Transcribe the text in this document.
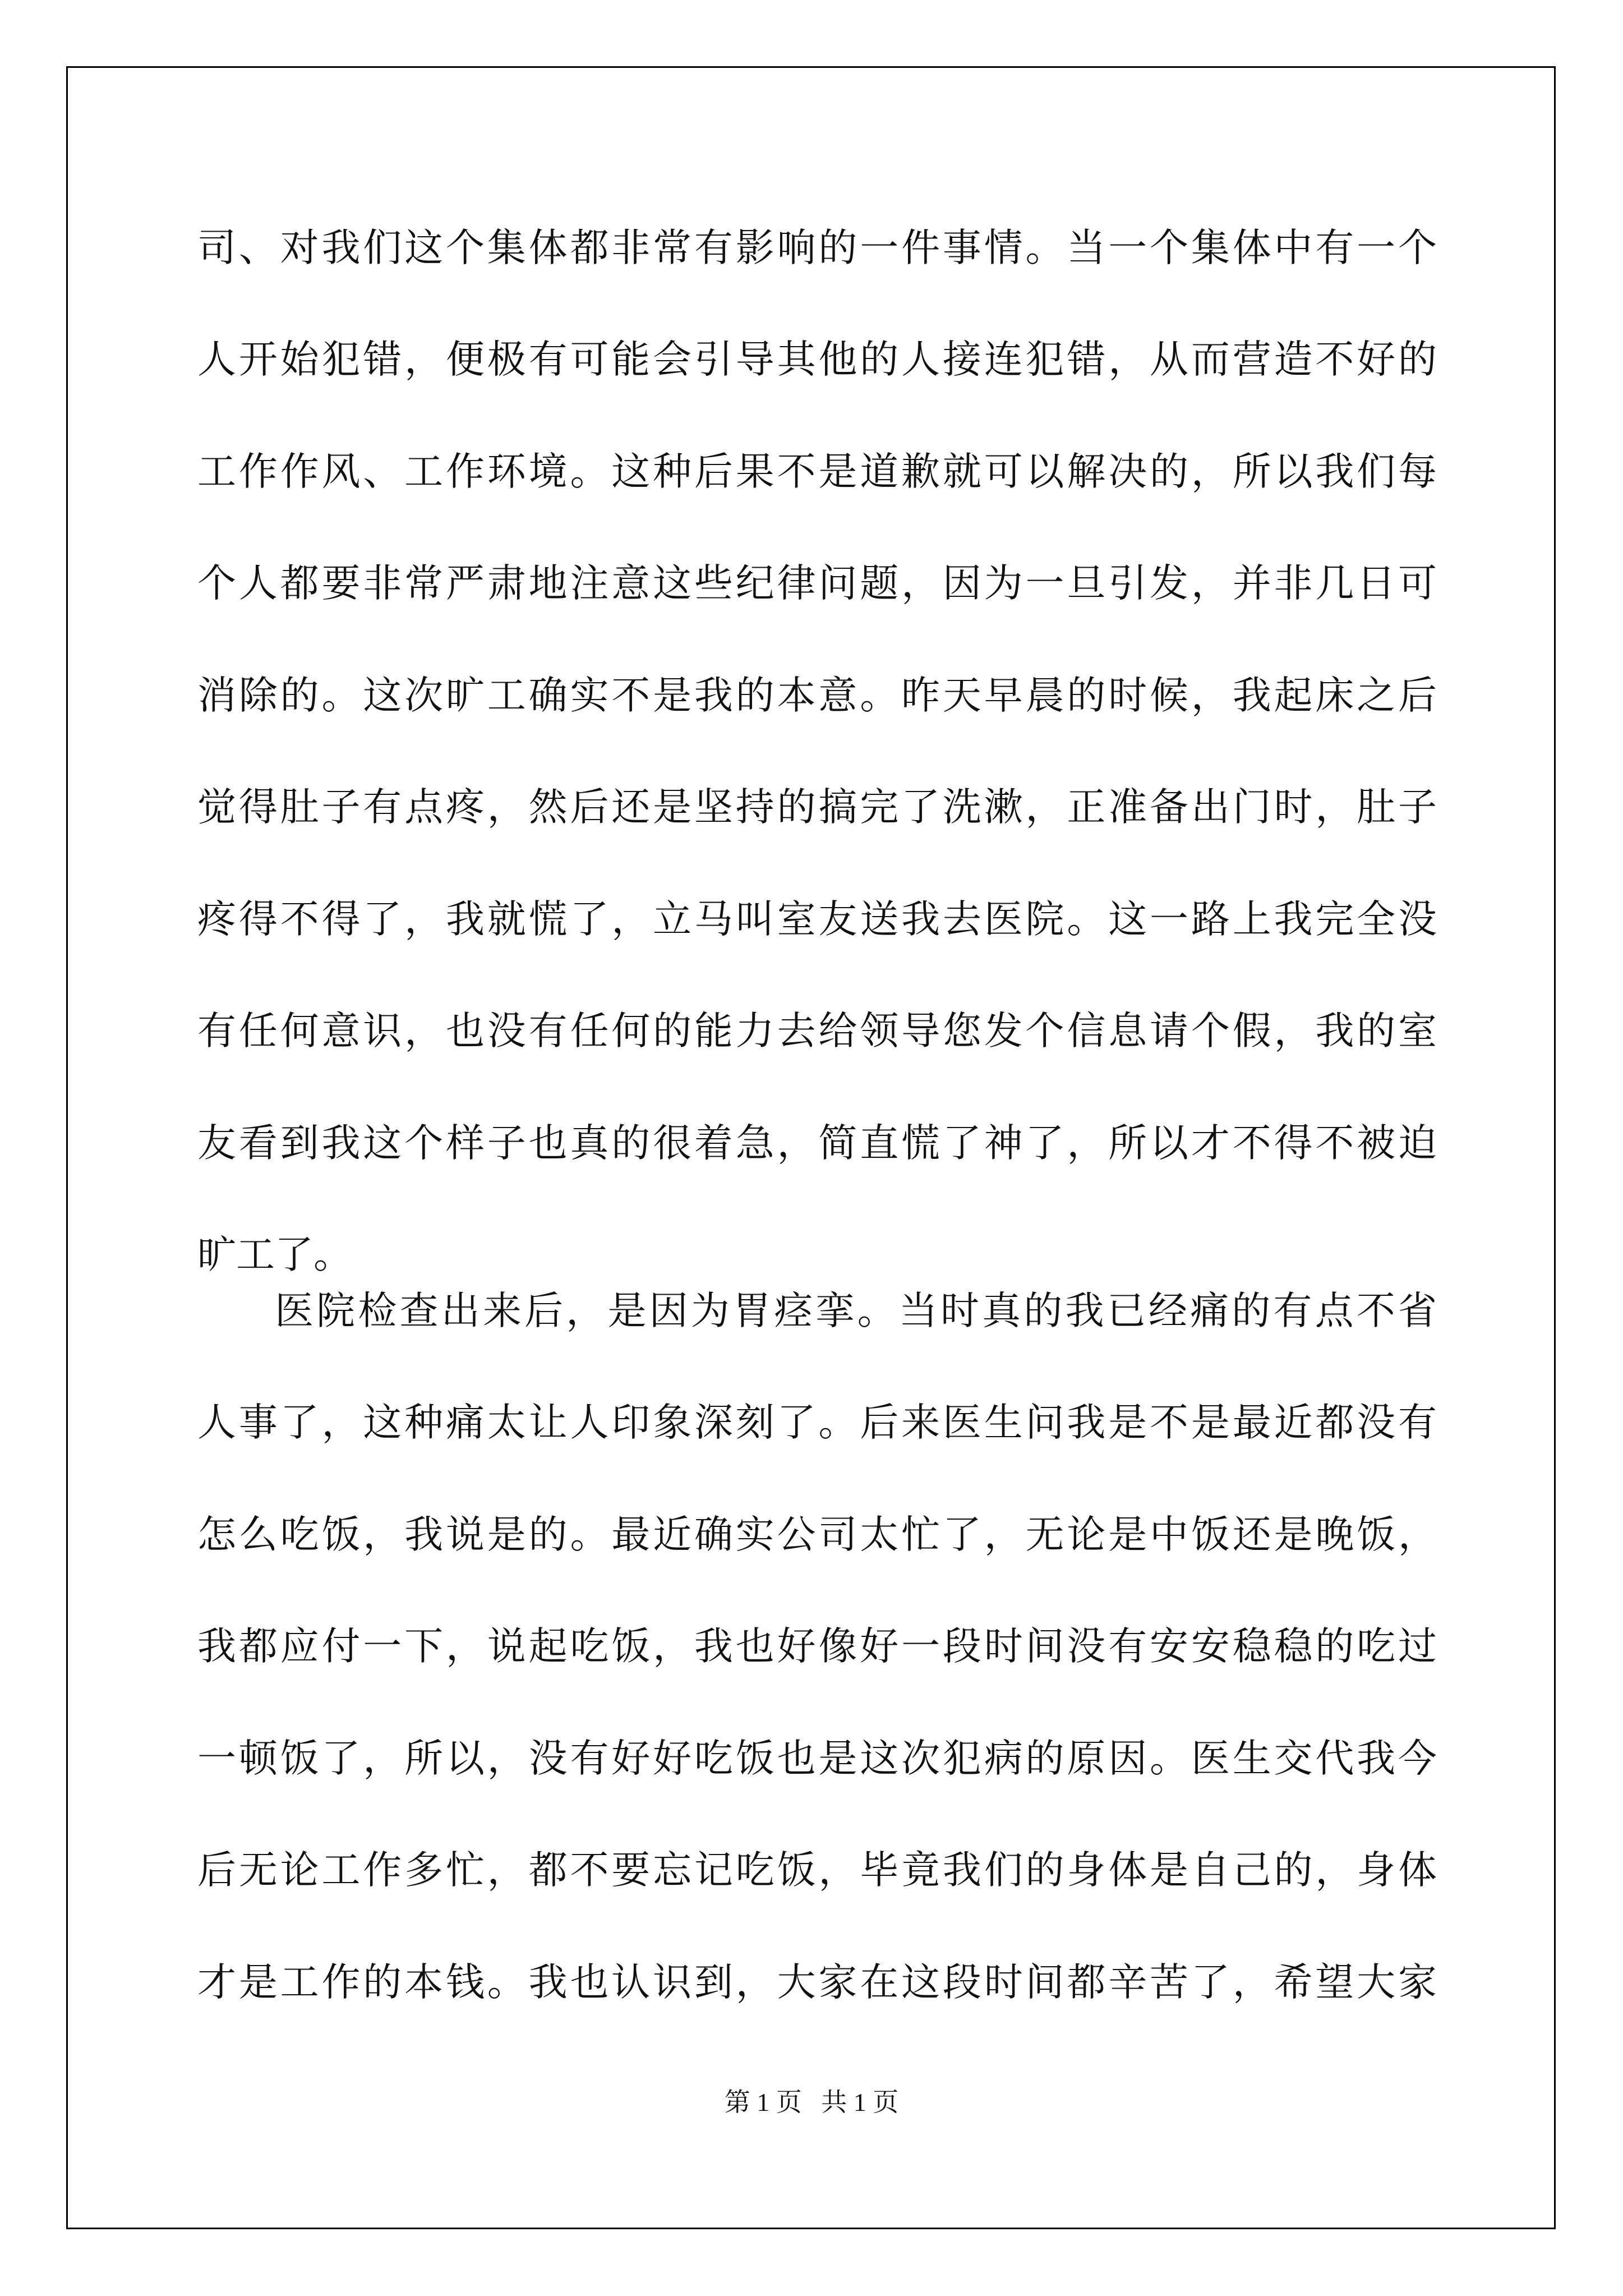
司、对我们这个集体都非常有影响的一件事情。当一个集体中有一个

人开始犯错，便极有可能会引导其他的人接连犯错，从而营造不好的

工作作风、工作环境。这种后果不是道歉就可以解决的，所以我们每

个人都要非常严肃地注意这些纪律问题，因为一旦引发，并非几日可

消除的。这次旷工确实不是我的本意。昨天早晨的时候，我起床之后

觉得肚子有点疼，然后还是坚持的搞完了洗漱，正准备出门时，肚子

疼得不得了，我就慌了，立马叫室友送我去医院。这一路上我完全没

有任何意识，也没有任何的能力去给领导您发个信息请个假，我的室

友看到我这个样子也真的很着急，简直慌了神了，所以才不得不被迫

旷工了。

医院检查出来后，是因为胃痉挛。当时真的我已经痛的有点不省

人事了，这种痛太让人印象深刻了。后来医生问我是不是最近都没有

怎么吃饭，我说是的。最近确实公司太忙了，无论是中饭还是晚饭，

我都应付一下，说起吃饭，我也好像好一段时间没有安安稳稳的吃过

一顿饭了，所以，没有好好吃饭也是这次犯病的原因。医生交代我今

后无论工作多忙，都不要忘记吃饭，毕竟我们的身体是自己的，身体

才是工作的本钱。我也认识到，大家在这段时间都辛苦了，希望大家

第 1 页 共 1 页
